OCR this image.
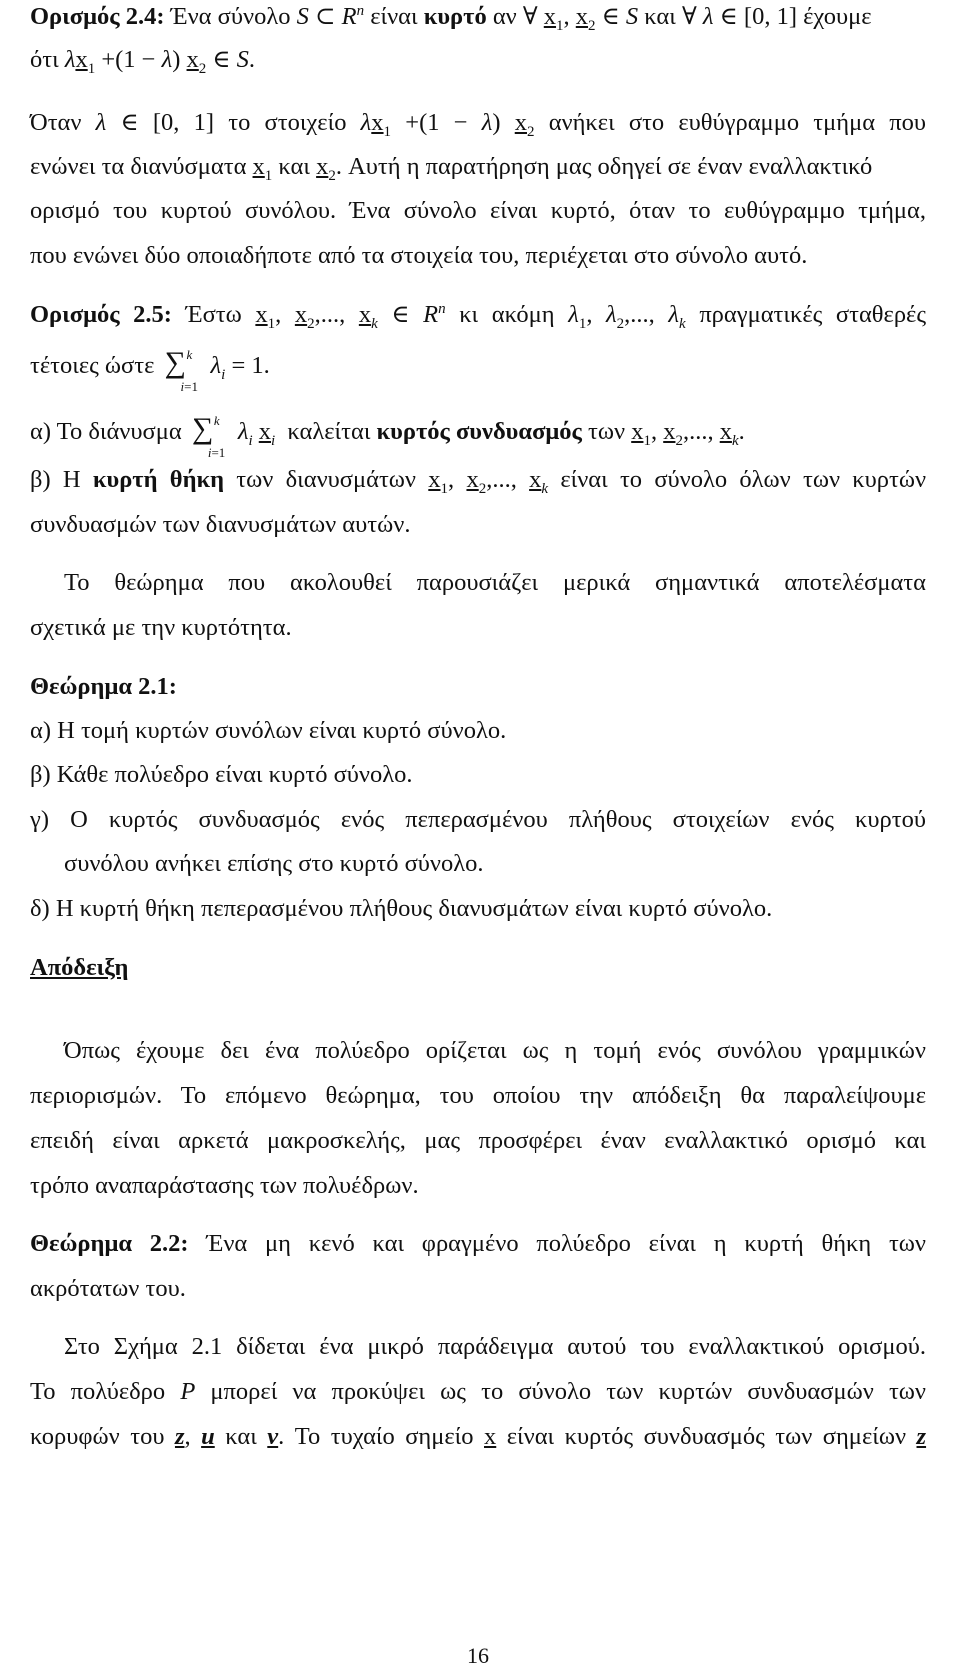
Ορισμός 2.4: Ένα σύνολο S ⊂ $R^n$ είναι κυρτό αν ∀ $x_1$, $x_2$ ∈ S και ∀ λ ∈ [0, 1] έχουμε
ότι $\lambda x_1 +(1 - \lambda)$ $x_2$ ∈ S.
Όταν λ ∈ [0, 1] το στοιχείο $\lambda x_1 +(1 - \lambda)$ $x_2$ ανήκει στο ευθύγραμμο τμήμα που
ενώνει τα διανύσματα $x_1$ και $x_2$. Αυτή η παρατήρηση μας οδηγεί σε έναν εναλλακτικό
ορισμό του κυρτού συνόλου. Ένα σύνολο είναι κυρτό, όταν το ευθύγραμμο τμήμα,
που ενώνει δύο οποιαδήποτε από τα στοιχεία του, περιέχεται στο σύνολο αυτό.
Ορισμός 2.5: Έστω $x_1$, $x_2$,..., $x_k$ ∈ $R^n$ κι ακόμη $\lambda_1$, $\lambda_2$,..., $\lambda_k$ πραγματικές σταθερές
τέτοιες ώστε ∑ k
i=1
$\lambda_i = 1$.
α) Το διάνυσμα ∑ k
i=1
$\lambda_i$ $x_i$ καλείται κυρτός συνδυασμός των $x_1$, $x_2$,..., $x_k$.
β) Η κυρτή θήκη των διανυσμάτων $x_1$, $x_2$,..., $x_k$ είναι το σύνολο όλων των κυρτών
συνδυασμών των διανυσμάτων αυτών.
Το θεώρημα που ακολουθεί παρουσιάζει μερικά σημαντικά αποτελέσματα
σχετικά με την κυρτότητα.
Θεώρημα 2.1:
α) Η τομή κυρτών συνόλων είναι κυρτό σύνολο.
β) Κάθε πολύεδρο είναι κυρτό σύνολο.
γ) Ο κυρτός συνδυασμός ενός πεπερασμένου πλήθους στοιχείων ενός κυρτού
συνόλου ανήκει επίσης στο κυρτό σύνολο.
δ) Η κυρτή θήκη πεπερασμένου πλήθους διανυσμάτων είναι κυρτό σύνολο.
Απόδειξη
Όπως έχουμε δει ένα πολύεδρο ορίζεται ως η τομή ενός συνόλου γραμμικών
περιορισμών. Το επόμενο θεώρημα, του οποίου την απόδειξη θα παραλείψουμε
επειδή είναι αρκετά μακροσκελής, μας προσφέρει έναν εναλλακτικό ορισμό και
τρόπο αναπαράστασης των πολυέδρων.
Θεώρημα 2.2: Ένα μη κενό και φραγμένο πολύεδρο είναι η κυρτή θήκη των
ακρότατων του.
Στο Σχήμα 2.1 δίδεται ένα μικρό παράδειγμα αυτού του εναλλακτικού ορισμού.
Το πολύεδρο P μπορεί να προκύψει ως το σύνολο των κυρτών συνδυασμών των
κορυφών του z, u και v. Το τυχαίο σημείο x είναι κυρτός συνδυασμός των σημείων z
16
